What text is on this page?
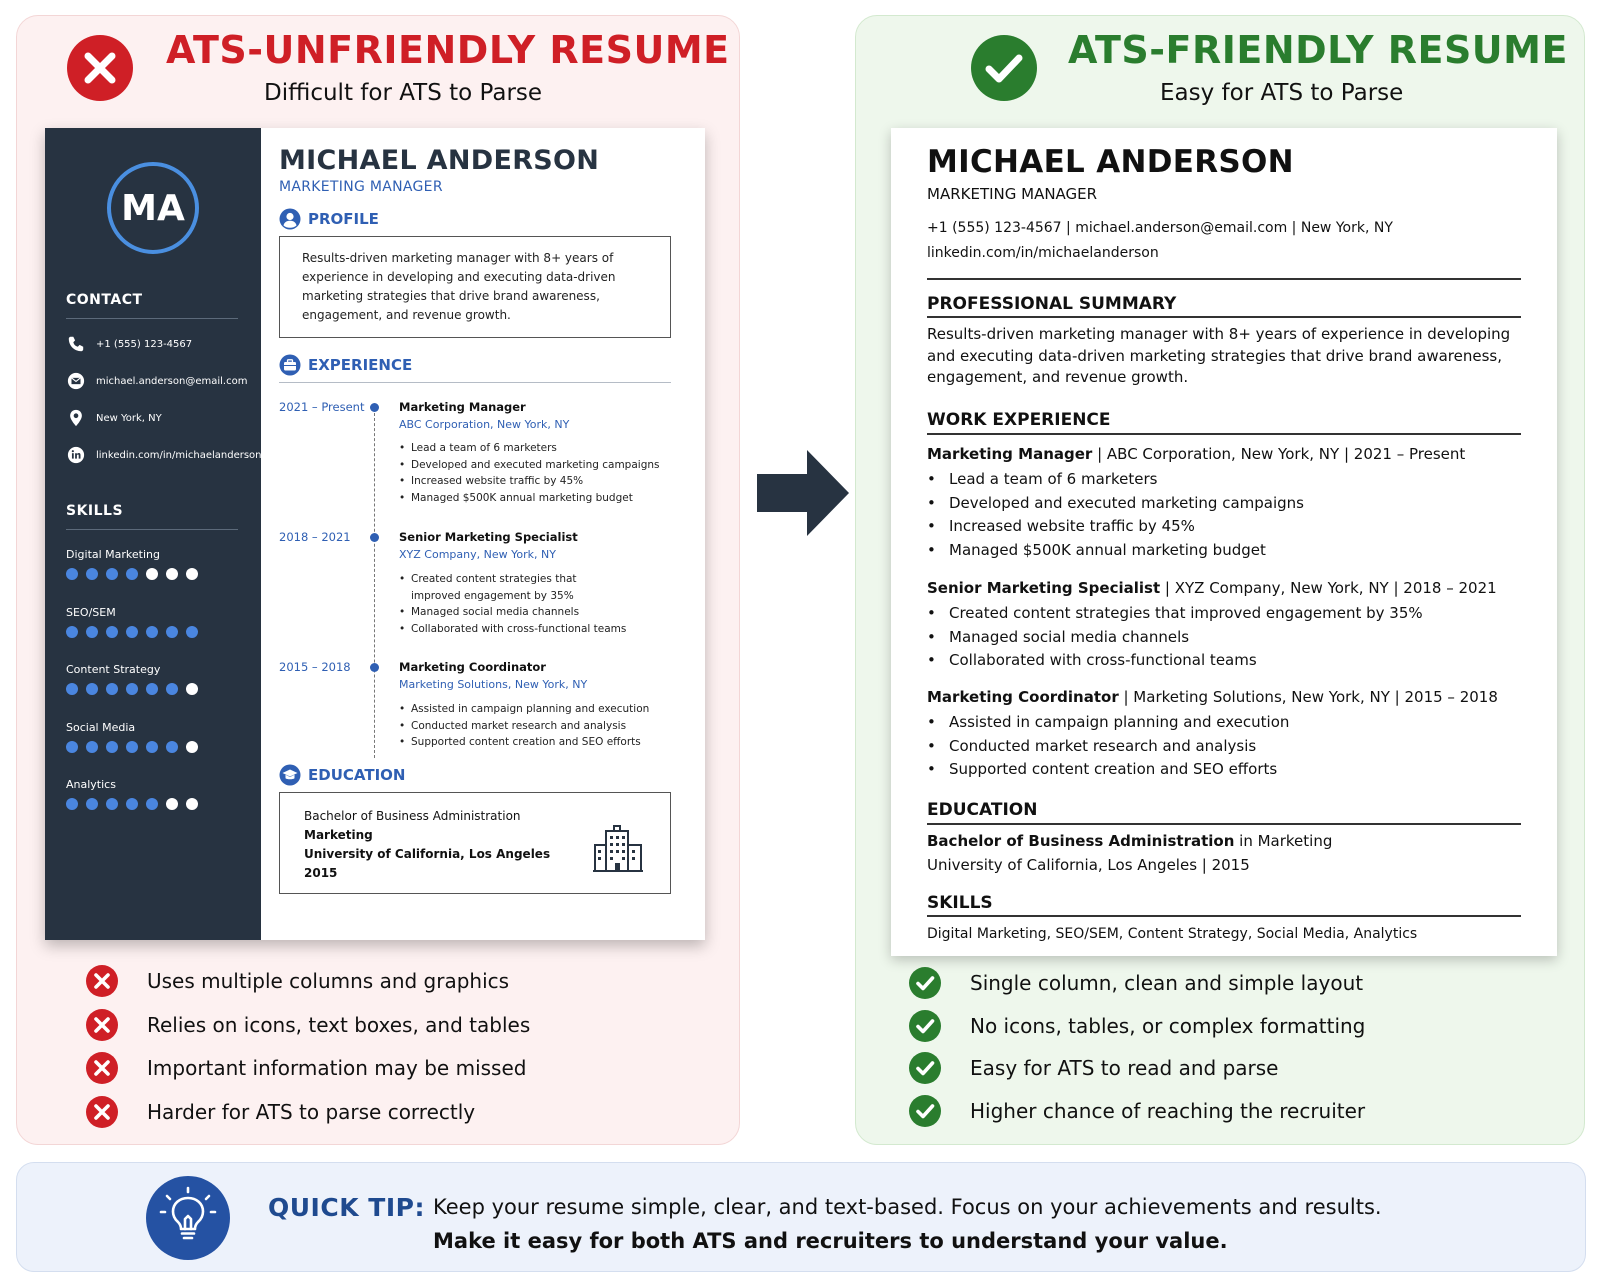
ATS-UNFRIENDLY RESUME
Difficult for ATS to Parse
MA
CONTACT
+1 (555) 123-4567
michael.anderson@email.com
New York, NY
linkedin.com/in/michaelanderson
SKILLS
Digital Marketing
SEO/SEM
Content Strategy
Social Media
Analytics
MICHAEL ANDERSON
MARKETING MANAGER
PROFILE
Results-driven marketing manager with 8+ years of
experience in developing and executing data-driven
marketing strategies that drive brand awareness,
engagement, and revenue growth.
EXPERIENCE
2021 – Present	Marketing Manager
ABC Corporation, New York, NY
• Lead a team of 6 marketers
• Developed and executed marketing campaigns
• Increased website traffic by 45%
• Managed $500K annual marketing budget
2018 – 2021	Senior Marketing Specialist
XYZ Company, New York, NY
• Created content strategies that improved engagement by 35%
• Managed social media channels
• Collaborated with cross-functional teams
2015 – 2018	Marketing Coordinator
Marketing Solutions, New York, NY
• Assisted in campaign planning and execution
• Conducted market research and analysis
• Supported content creation and SEO efforts
EDUCATION
Bachelor of Business Administration
Marketing
University of California, Los Angeles
2015
Uses multiple columns and graphics
Relies on icons, text boxes, and tables
Important information may be missed
Harder for ATS to parse correctly
ATS-FRIENDLY RESUME
Easy for ATS to Parse
MICHAEL ANDERSON
MARKETING MANAGER
+1 (555) 123-4567 | michael.anderson@email.com | New York, NY
linkedin.com/in/michaelanderson
PROFESSIONAL SUMMARY
Results-driven marketing manager with 8+ years of experience in developing
and executing data-driven marketing strategies that drive brand awareness,
engagement, and revenue growth.
WORK EXPERIENCE
Marketing Manager | ABC Corporation, New York, NY | 2021 – Present
• Lead a team of 6 marketers
• Developed and executed marketing campaigns
• Increased website traffic by 45%
• Managed $500K annual marketing budget
Senior Marketing Specialist | XYZ Company, New York, NY | 2018 – 2021
• Created content strategies that improved engagement by 35%
• Managed social media channels
• Collaborated with cross-functional teams
Marketing Coordinator | Marketing Solutions, New York, NY | 2015 – 2018
• Assisted in campaign planning and execution
• Conducted market research and analysis
• Supported content creation and SEO efforts
EDUCATION
Bachelor of Business Administration in Marketing
University of California, Los Angeles | 2015
SKILLS
Digital Marketing, SEO/SEM, Content Strategy, Social Media, Analytics
Single column, clean and simple layout
No icons, tables, or complex formatting
Easy for ATS to read and parse
Higher chance of reaching the recruiter
QUICK TIP: Keep your resume simple, clear, and text-based. Focus on your achievements and results.
Make it easy for both ATS and recruiters to understand your value.
